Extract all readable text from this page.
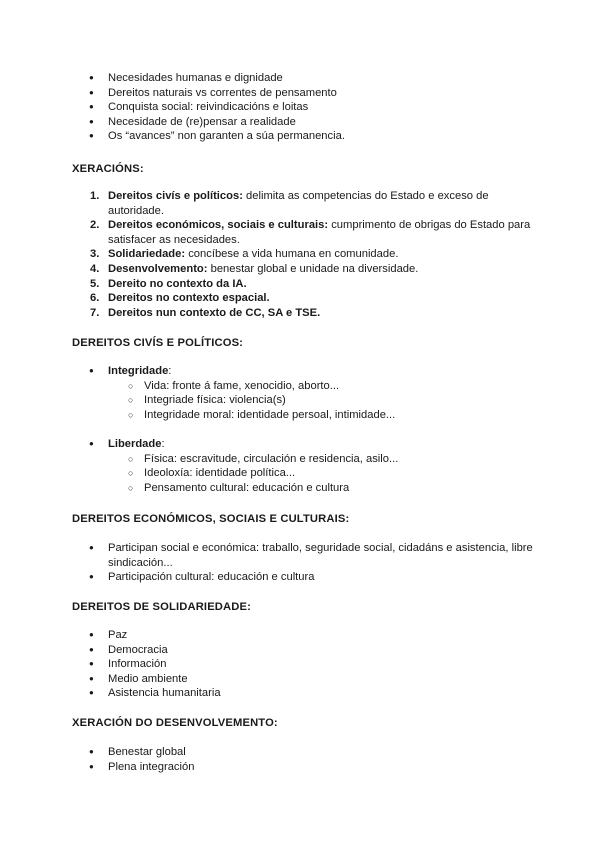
● Necesidades humanas e dignidade
● Dereitos naturais vs correntes de pensamento
● Conquista social: reivindicacións e loitas
● Necesidade de (re)pensar a realidade
● Os “avances” non garanten a súa permanencia.
XERACIÓNS:
1. Dereitos civís e políticos: delimita as competencias do Estado e exceso de autoridade.
2. Dereitos económicos, sociais e culturais: cumprimento de obrigas do Estado para satisfacer as necesidades.
3. Solidariedade: concíbese a vida humana en comunidade.
4. Desenvolvemento: benestar global e unidade na diversidade.
5. Dereito no contexto da IA.
6. Dereitos no contexto espacial.
7. Dereitos nun contexto de CC, SA e TSE.
DEREITOS CIVÍS E POLÍTICOS:
● Integridade:
○ Vida: fronte á fame, xenocidio, aborto...
○ Integriade física: violencia(s)
○ Integridade moral: identidade persoal, intimidade...
● Liberdade:
○ Física: escravitude, circulación e residencia, asilo...
○ Ideoloxía: identidade política...
○ Pensamento cultural: educación e cultura
DEREITOS ECONÓMICOS, SOCIAIS E CULTURAIS:
● Participan social e económica: traballo, seguridade social, cidadáns e asistencia, libre sindicación...
● Participación cultural: educación e cultura
DEREITOS DE SOLIDARIEDADE:
● Paz
● Democracia
● Información
● Medio ambiente
● Asistencia humanitaria
XERACIÓN DO DESENVOLVEMENTO:
● Benestar global
● Plena integración
